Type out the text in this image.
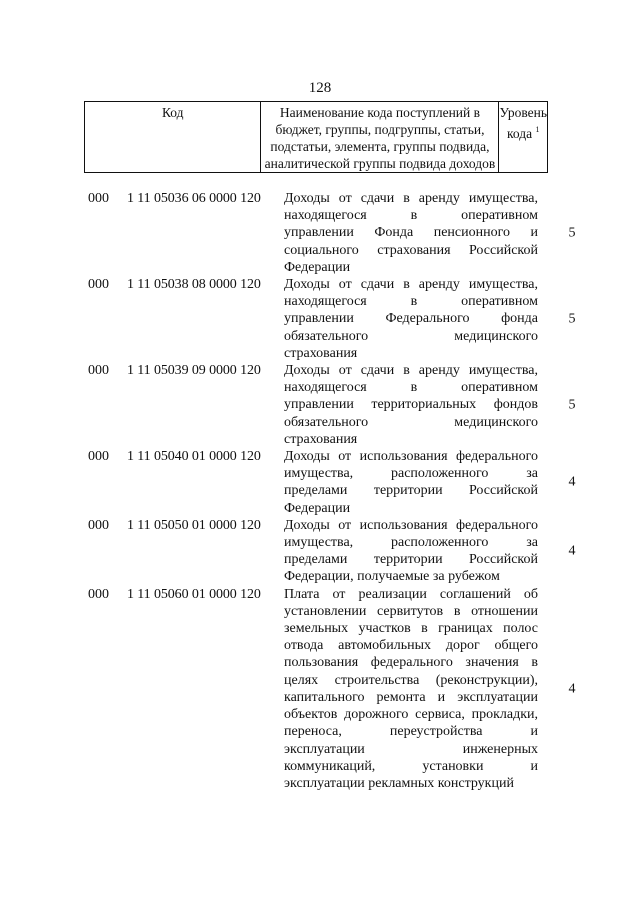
128
Код	Наименование кода поступлений в
бюджет, группы, подгруппы, статьи,
подстатьи, элемента, группы подвида,
аналитической группы подвида доходов
Уровень
кода $^1$
000	1 11 05036 06 0000 120	Доходы от сдачи в аренду имущества,
находящегося в оперативном
управлении Фонда пенсионного и
социального страхования Российской
Федерации
5
000	1 11 05038 08 0000 120	Доходы от сдачи в аренду имущества,
находящегося в оперативном
управлении Федерального фонда
обязательного медицинского
страхования
5
000	1 11 05039 09 0000 120	Доходы от сдачи в аренду имущества,
находящегося в оперативном
управлении территориальных фондов
обязательного медицинского
страхования
5
000	1 11 05040 01 0000 120	Доходы от использования федерального
имущества, расположенного за
пределами территории Российской
Федерации
4
000	1 11 05050 01 0000 120	Доходы от использования федерального
имущества, расположенного за
пределами территории Российской
Федерации, получаемые за рубежом
4
000	1 11 05060 01 0000 120	Плата от реализации соглашений об
установлении сервитутов в отношении
земельных участков в границах полос
отвода автомобильных дорог общего
пользования федерального значения в
целях строительства (реконструкции),
капитального ремонта и эксплуатации
объектов дорожного сервиса, прокладки,
переноса, переустройства и
эксплуатации инженерных
коммуникаций, установки и
эксплуатации рекламных конструкций
4
